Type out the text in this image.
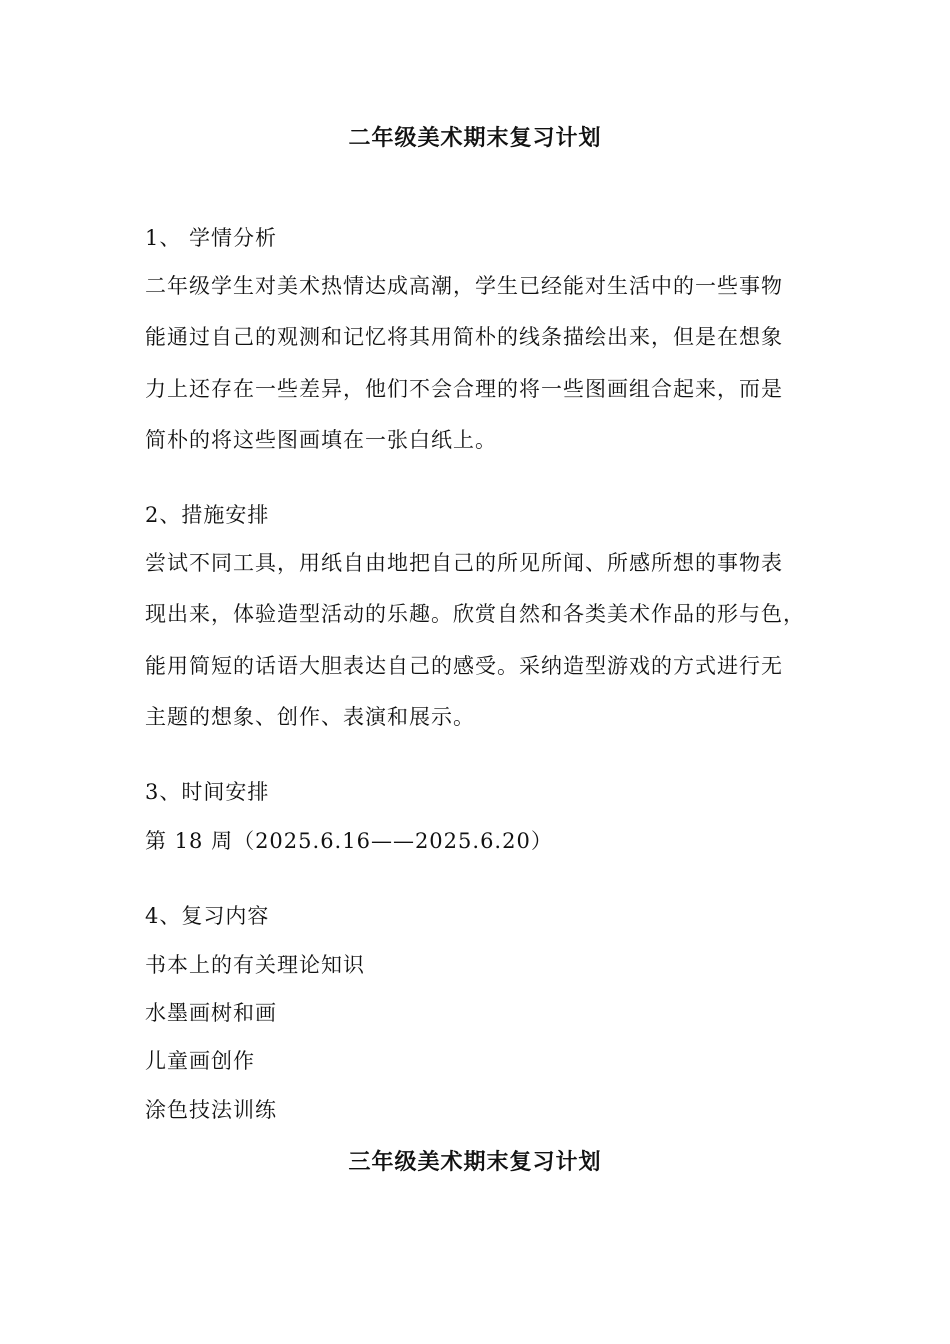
二年级美术期末复习计划

1、 学情分析

二年级学生对美术热情达成高潮，学生已经能对生活中的一些事物

能通过自己的观测和记忆将其用简朴的线条描绘出来，但是在想象

力上还存在一些差异，他们不会合理的将一些图画组合起来，而是

简朴的将这些图画填在一张白纸上。

2、措施安排

尝试不同工具，用纸自由地把自己的所见所闻、所感所想的事物表

现出来，体验造型活动的乐趣。欣赏自然和各类美术作品的形与色，

能用简短的话语大胆表达自己的感受。采纳造型游戏的方式进行无

主题的想象、创作、表演和展示。

3、时间安排

第 18 周（2025.6.16——2025.6.20）

4、复习内容

书本上的有关理论知识

水墨画树和画

儿童画创作

涂色技法训练

三年级美术期末复习计划
